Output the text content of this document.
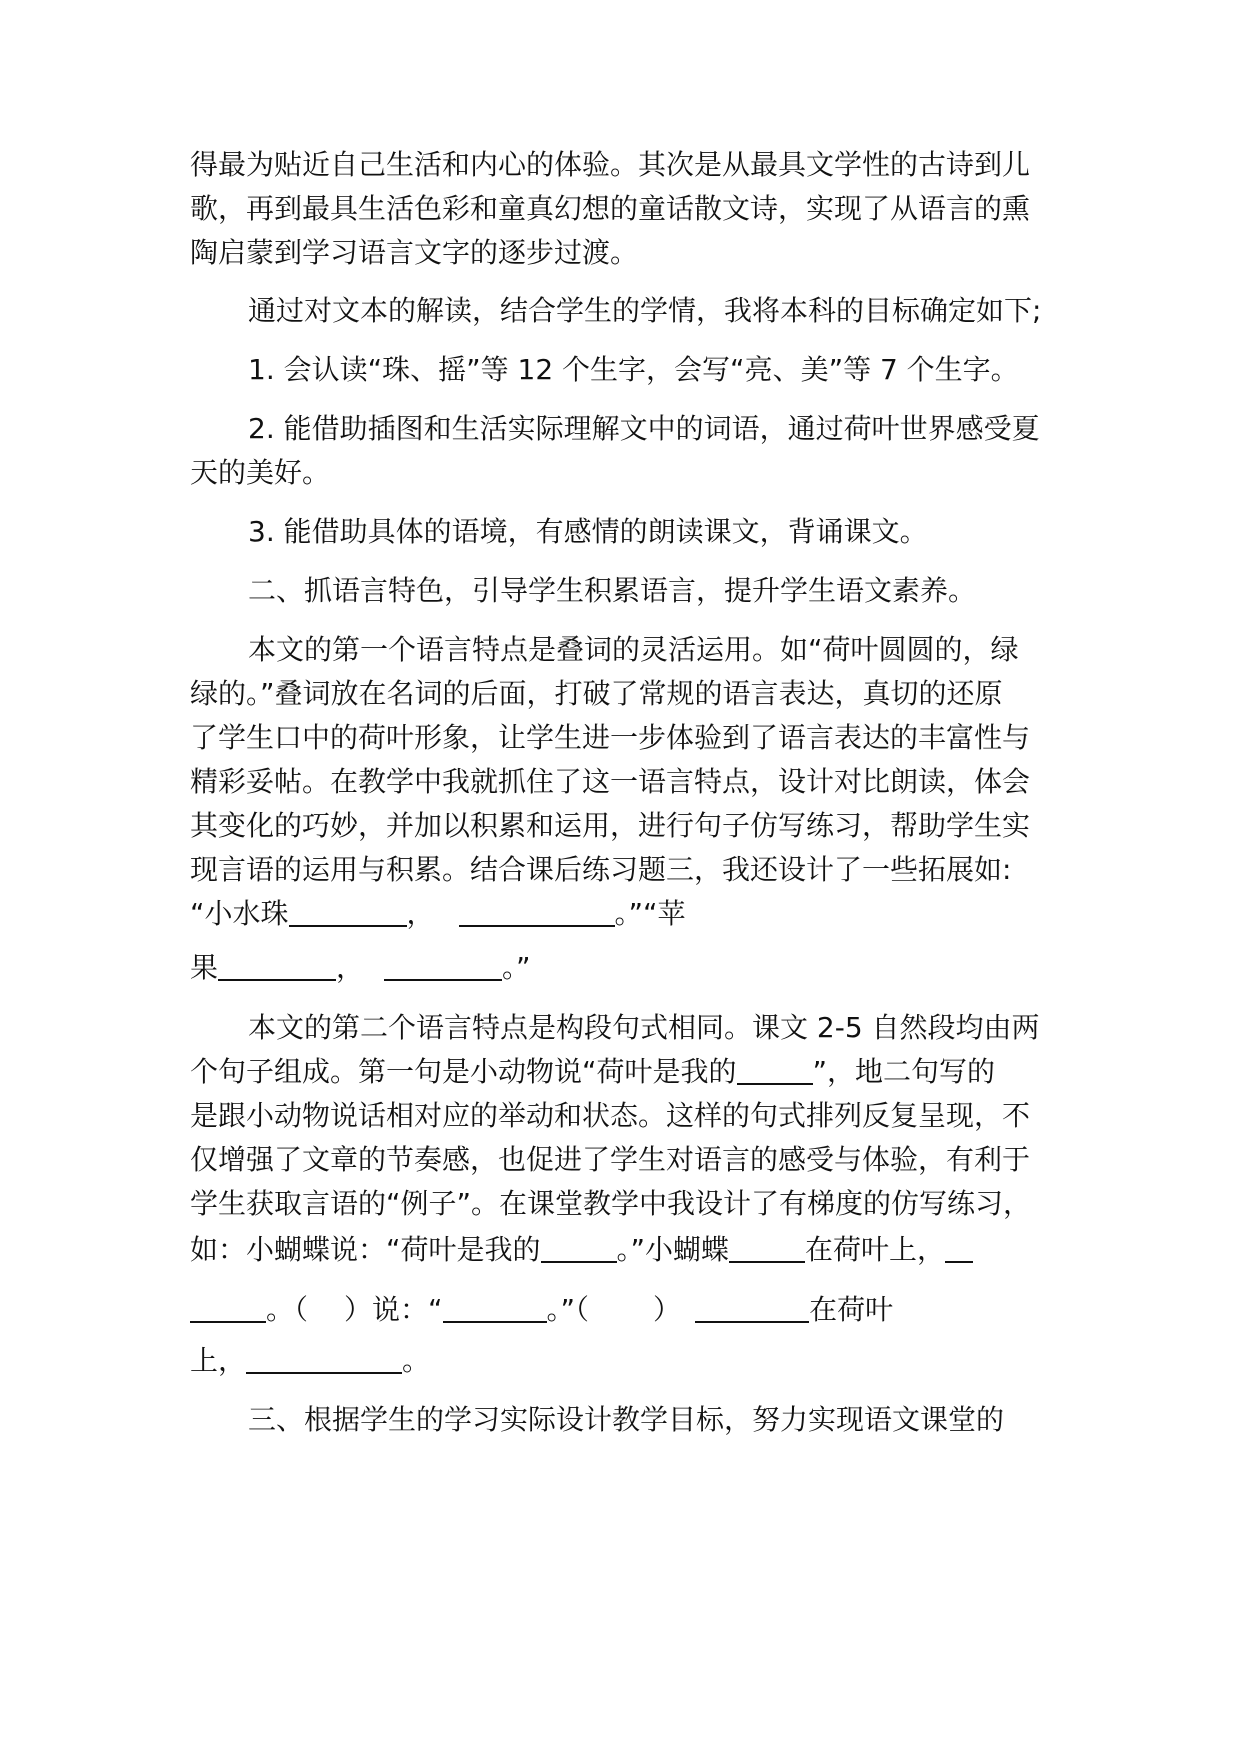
得最为贴近自己生活和内心的体验。其次是从最具文学性的古诗到儿
歌，再到最具生活色彩和童真幻想的童话散文诗，实现了从语言的熏
陶启蒙到学习语言文字的逐步过渡。
通过对文本的解读，结合学生的学情，我将本科的目标确定如下;
1. 会认读“珠、摇”等 12 个生字，会写“亮、美”等 7 个生字。
2. 能借助插图和生活实际理解文中的词语，通过荷叶世界感受夏
天的美好。
3. 能借助具体的语境，有感情的朗读课文，背诵课文。
二、抓语言特色，引导学生积累语言，提升学生语文素养。
本文的第一个语言特点是叠词的灵活运用。如“荷叶圆圆的，绿
绿的。”叠词放在名词的后面，打破了常规的语言表达，真切的还原
了学生口中的荷叶形象，让学生进一步体验到了语言表达的丰富性与
精彩妥帖。在教学中我就抓住了这一语言特点，设计对比朗读，体会
其变化的巧妙，并加以积累和运用，进行句子仿写练习，帮助学生实
现言语的运用与积累。结合课后练习题三，我还设计了一些拓展如:
“小水珠	，	。”“苹
果	，	。”
本文的第二个语言特点是构段句式相同。课文 2-5 自然段均由两
个句子组成。第一句是小动物说“荷叶是我的	”，地二句写的
是跟小动物说话相对应的举动和状态。这样的句式排列反复呈现，不
仅增强了文章的节奏感，也促进了学生对语言的感受与体验，有利于
学生获取言语的“例子”。在课堂教学中我设计了有梯度的仿写练习，
如：小蝴蝶说：“荷叶是我的	。”小蝴蝶	在荷叶上，
。（ ）说：“	。”（ ）	在荷叶
上，	。
三、根据学生的学习实际设计教学目标，努力实现语文课堂的
